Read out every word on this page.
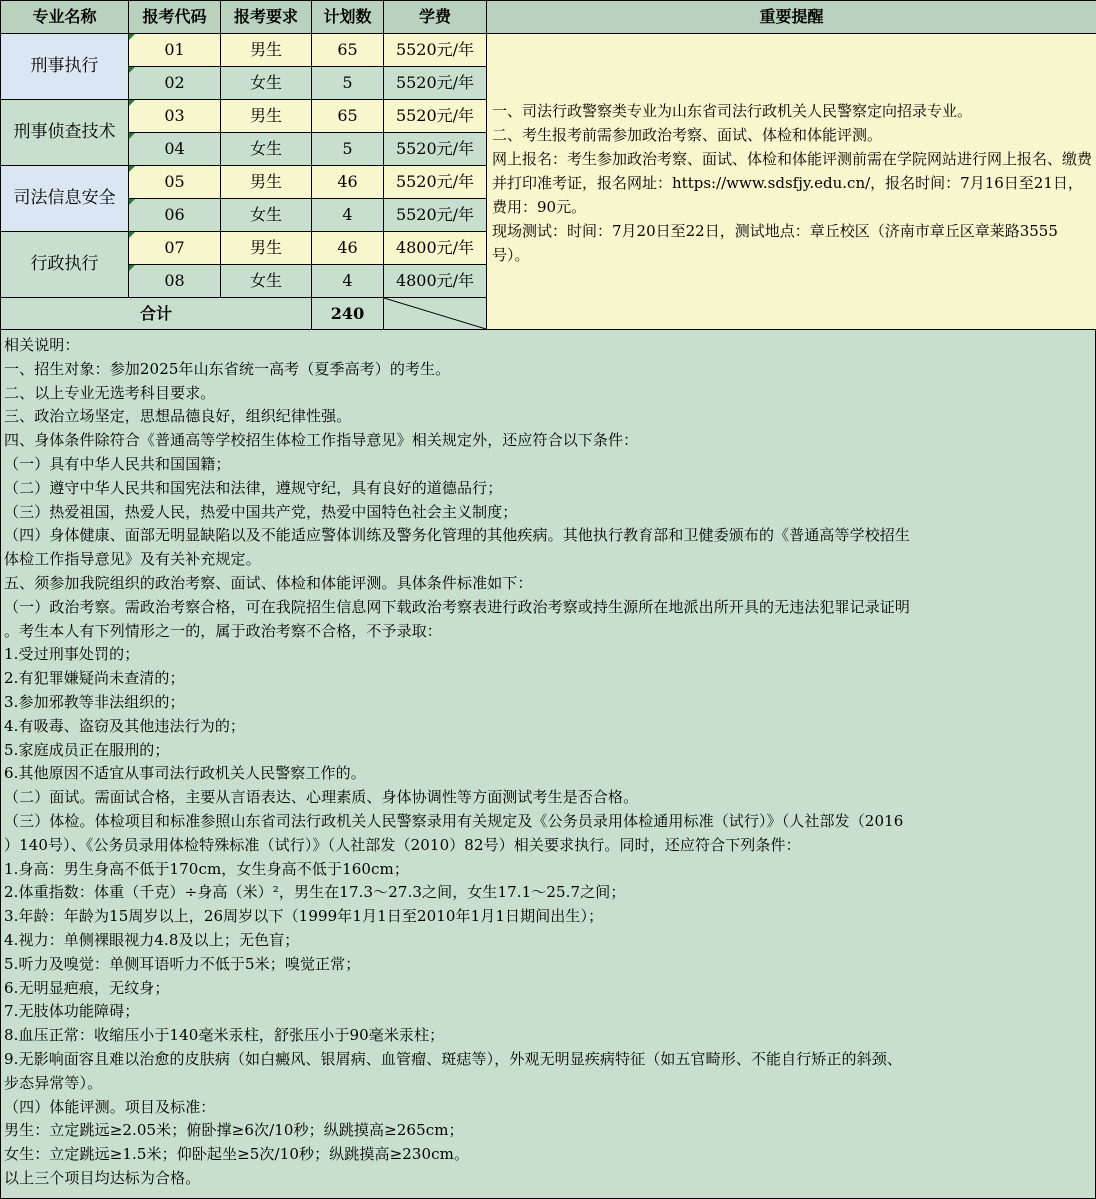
专业名称	报考代码	报考要求	计划数	学费	重要提醒
刑事执行	01	男生	65	5520元/年	一、司法行政警察类专业为山东省司法行政机关人民警察定向招录专业。
二、考生报考前需参加政治考察、面试、体检和体能评测。
网上报名：考生参加政治考察、面试、体检和体能评测前需在学院网站进行网上报名、缴费并打印准考证，报名网址：https://www.sdsfjy.edu.cn/，报名时间：7月16日至21日，费用：90元。
现场测试：时间：7月20日至22日，测试地点：章丘校区（济南市章丘区章莱路3555号）。

	02	女生	5	5520元/年	
刑事侦查技术	03	男生	65	5520元/年	
	04	女生	5	5520元/年	
司法信息安全	05	男生	46	5520元/年	
	06	女生	4	5520元/年	
行政执行	07	男生	46	4800元/年	
	08	女生	4	4800元/年	
合计			240	
相关说明：
一、招生对象：参加2025年山东省统一高考（夏季高考）的考生。
二、以上专业无选考科目要求。
三、政治立场坚定，思想品德良好，组织纪律性强。
四、身体条件除符合《普通高等学校招生体检工作指导意见》相关规定外，还应符合以下条件：
（一）具有中华人民共和国国籍；
（二）遵守中华人民共和国宪法和法律，遵规守纪，具有良好的道德品行；
（三）热爱祖国，热爱人民，热爱中国共产党，热爱中国特色社会主义制度；
（四）身体健康、面部无明显缺陷以及不能适应警体训练及警务化管理的其他疾病。其他执行教育部和卫健委颁布的《普通高等学校招生
体检工作指导意见》及有关补充规定。
五、须参加我院组织的政治考察、面试、体检和体能评测。具体条件标准如下：
（一）政治考察。需政治考察合格，可在我院招生信息网下载政治考察表进行政治考察或持生源所在地派出所开具的无违法犯罪记录证明
。考生本人有下列情形之一的，属于政治考察不合格，不予录取：
1.受过刑事处罚的；
2.有犯罪嫌疑尚未查清的；
3.参加邪教等非法组织的；
4.有吸毒、盗窃及其他违法行为的；
5.家庭成员正在服刑的；
6.其他原因不适宜从事司法行政机关人民警察工作的。
（二）面试。需面试合格，主要从言语表达、心理素质、身体协调性等方面测试考生是否合格。
（三）体检。体检项目和标准参照山东省司法行政机关人民警察录用有关规定及《公务员录用体检通用标准（试行）》（人社部发（2016
）140号）、《公务员录用体检特殊标准（试行）》（人社部发（2010）82号）相关要求执行。同时，还应符合下列条件：
1.身高：男生身高不低于170cm，女生身高不低于160cm；
2.体重指数：体重（千克）÷身高（米）²，男生在17.3～27.3之间，女生17.1～25.7之间；
3.年龄：年龄为15周岁以上，26周岁以下（1999年1月1日至2010年1月1日期间出生）；
4.视力：单侧裸眼视力4.8及以上；无色盲；
5.听力及嗅觉：单侧耳语听力不低于5米；嗅觉正常；
6.无明显疤痕，无纹身；
7.无肢体功能障碍；
8.血压正常：收缩压小于140毫米汞柱，舒张压小于90毫米汞柱；
9.无影响面容且难以治愈的皮肤病（如白癜风、银屑病、血管瘤、斑痣等），外观无明显疾病特征（如五官畸形、不能自行矫正的斜颈、
步态异常等）。
（四）体能评测。项目及标准：
男生：立定跳远≥2.05米；俯卧撑≥6次/10秒；纵跳摸高≥265cm；
女生：立定跳远≥1.5米；仰卧起坐≥5次/10秒；纵跳摸高≥230cm。
以上三个项目均达标为合格。
